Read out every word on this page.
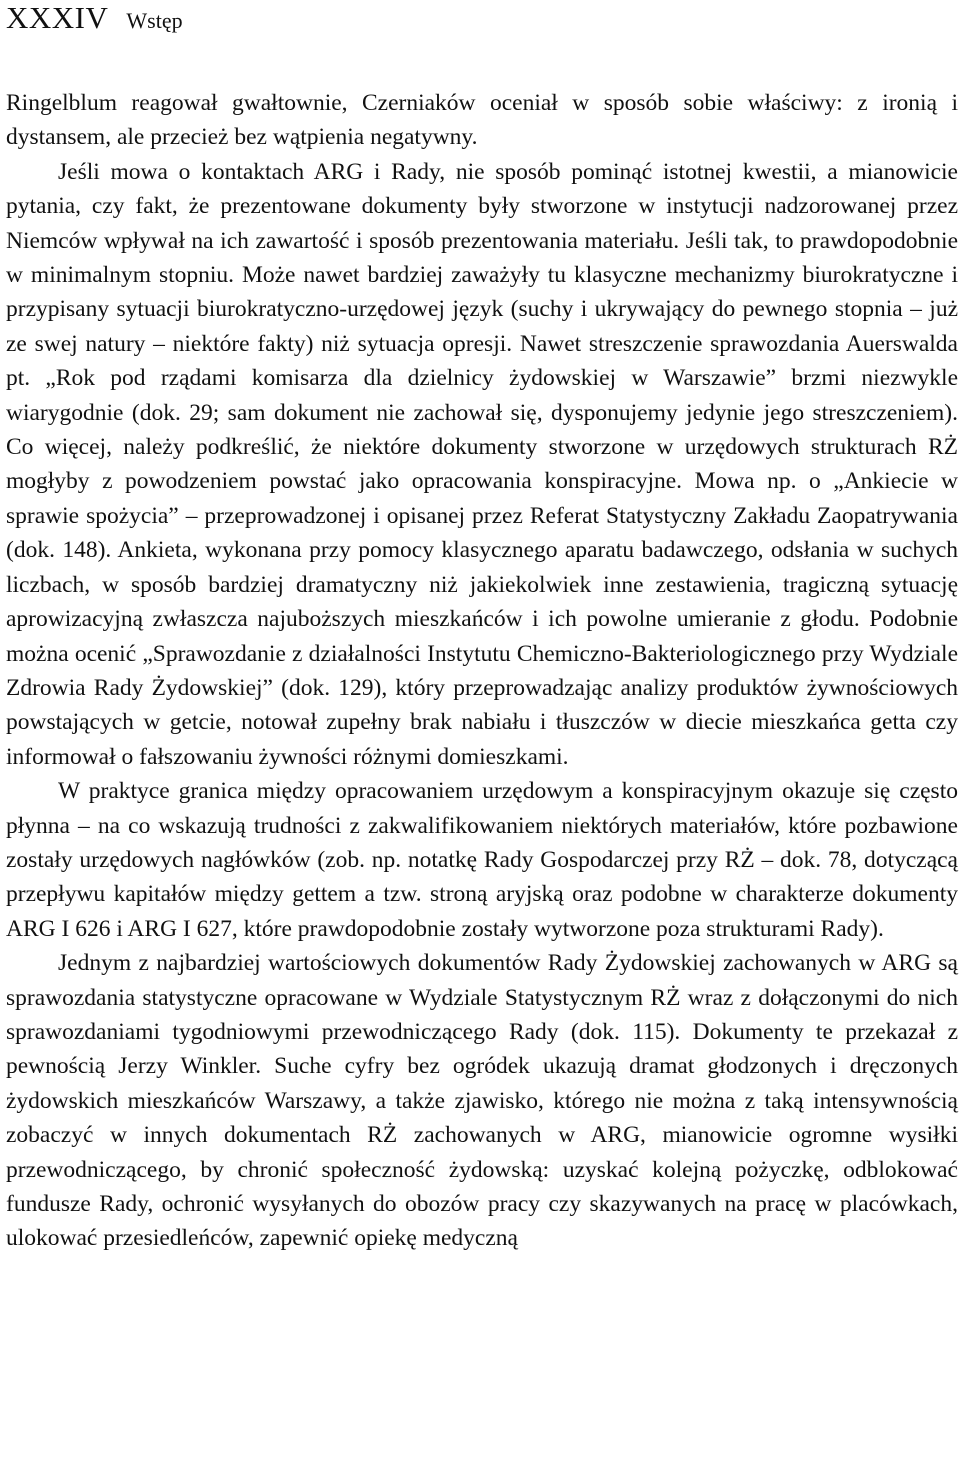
XXXIV Wstęp

Ringelblum reagował gwałtownie, Czerniaków oceniał w sposób sobie właściwy: z ironią i dystansem, ale przecież bez wątpienia negatywny.

Jeśli mowa o kontaktach ARG i Rady, nie sposób pominąć istotnej kwestii, a mianowicie pytania, czy fakt, że prezentowane dokumenty były stworzone w instytucji nadzorowanej przez Niemców wpływał na ich zawartość i sposób prezentowania materiału. Jeśli tak, to prawdopodobnie w minimalnym stopniu. Może nawet bardziej zaważyły tu klasyczne mechanizmy biurokratyczne i przypisany sytuacji biurokratyczno-urzędowej język (suchy i ukrywający do pewnego stopnia – już ze swej natury – niektóre fakty) niż sytuacja opresji. Nawet streszczenie sprawozdania Auerswalda pt. „Rok pod rządami komisarza dla dzielnicy żydowskiej w Warszawie” brzmi niezwykle wiarygodnie (dok. 29; sam dokument nie zachował się, dysponujemy jedynie jego streszczeniem). Co więcej, należy podkreślić, że niektóre dokumenty stworzone w urzędowych strukturach RŻ mogłyby z powodzeniem powstać jako opracowania konspiracyjne. Mowa np. o „Ankiecie w sprawie spożycia” – przeprowadzonej i opisanej przez Referat Statystyczny Zakładu Zaopatrywania (dok. 148). Ankieta, wykonana przy pomocy klasycznego aparatu badawczego, odsłania w suchych liczbach, w sposób bardziej dramatyczny niż jakiekolwiek inne zestawienia, tragiczną sytuację aprowizacyjną zwłaszcza najuboższych mieszkańców i ich powolne umieranie z głodu. Podobnie można ocenić „Sprawozdanie z działalności Instytutu Chemiczno-Bakteriologicznego przy Wydziale Zdrowia Rady Żydowskiej” (dok. 129), który przeprowadzając analizy produktów żywnościowych powstających w getcie, notował zupełny brak nabiału i tłuszczów w diecie mieszkańca getta czy informował o fałszowaniu żywności różnymi domieszkami.

W praktyce granica między opracowaniem urzędowym a konspiracyjnym okazuje się często płynna – na co wskazują trudności z zakwalifikowaniem niektórych materiałów, które pozbawione zostały urzędowych nagłówków (zob. np. notatkę Rady Gospodarczej przy RŻ – dok. 78, dotyczącą przepływu kapitałów między gettem a tzw. stroną aryjską oraz podobne w charakterze dokumenty ARG I 626 i ARG I 627, które prawdopodobnie zostały wytworzone poza strukturami Rady).

Jednym z najbardziej wartościowych dokumentów Rady Żydowskiej zachowanych w ARG są sprawozdania statystyczne opracowane w Wydziale Statystycznym RŻ wraz z dołączonymi do nich sprawozdaniami tygodniowymi przewodniczącego Rady (dok. 115). Dokumenty te przekazał z pewnością Jerzy Winkler. Suche cyfry bez ogródek ukazują dramat głodzonych i dręczonych żydowskich mieszkańców Warszawy, a także zjawisko, którego nie można z taką intensywnością zobaczyć w innych dokumentach RŻ zachowanych w ARG, mianowicie ogromne wysiłki przewodniczącego, by chronić społeczność żydowską: uzyskać kolejną pożyczkę, odblokować fundusze Rady, ochronić wysyłanych do obozów pracy czy skazywanych na pracę w placówkach, ulokować przesiedleńców, zapewnić opiekę medyczną
